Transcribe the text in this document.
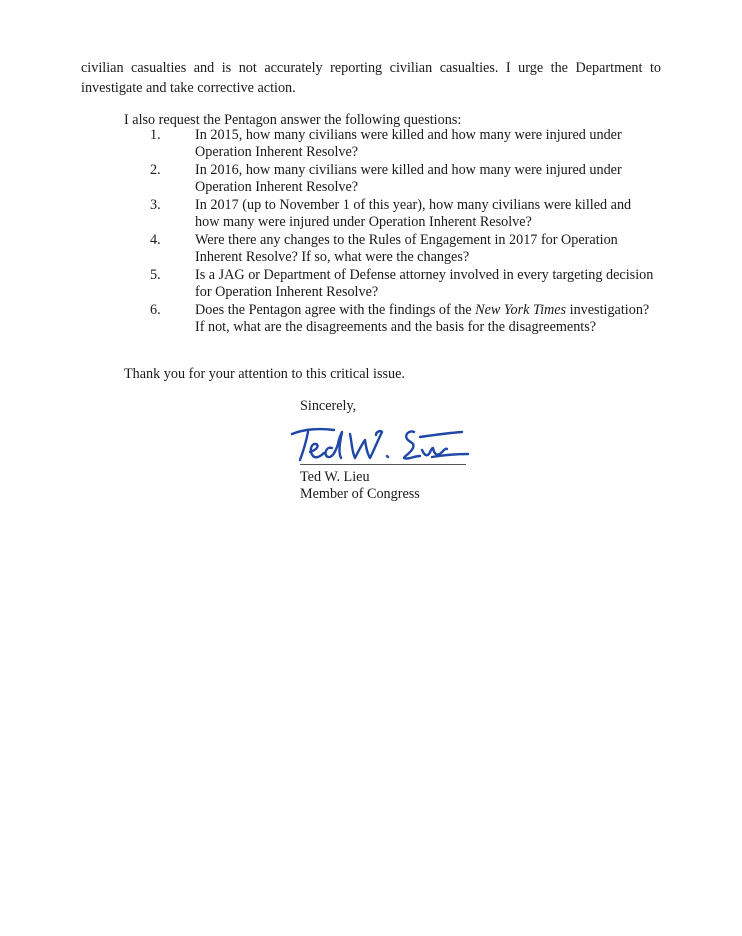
civilian casualties and is not accurately reporting civilian casualties. I urge the Department to investigate and take corrective action.
I also request the Pentagon answer the following questions:
1. In 2015, how many civilians were killed and how many were injured under Operation Inherent Resolve?
2. In 2016, how many civilians were killed and how many were injured under Operation Inherent Resolve?
3. In 2017 (up to November 1 of this year), how many civilians were killed and how many were injured under Operation Inherent Resolve?
4. Were there any changes to the Rules of Engagement in 2017 for Operation Inherent Resolve? If so, what were the changes?
5. Is a JAG or Department of Defense attorney involved in every targeting decision for Operation Inherent Resolve?
6. Does the Pentagon agree with the findings of the New York Times investigation? If not, what are the disagreements and the basis for the disagreements?
Thank you for your attention to this critical issue.
Sincerely,
Ted W. Lieu
Member of Congress
